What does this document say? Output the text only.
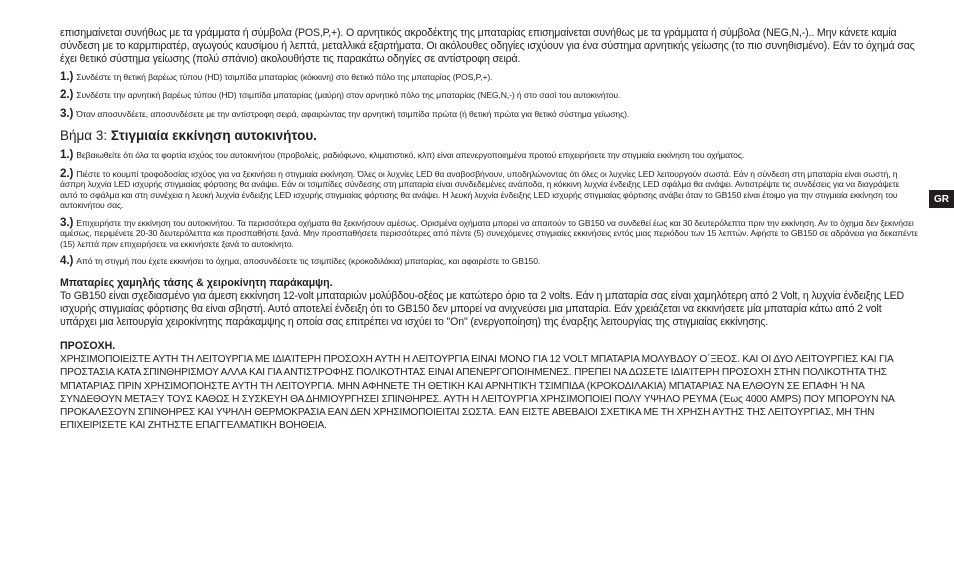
επισημαίνεται συνήθως με τα γράμματα ή σύμβολα (POS,P,+). Ο αρνητικός ακροδέκτης της μπαταρίας επισημαίνεται συνήθως με τα γράμματα ή σύμβολα (NEG,N,-).. Μην κάνετε καμία σύνδεση με το καρμπιρατέρ, αγωγούς καυσίμου ή λεπτά, μεταλλικά εξαρτήματα. Οι ακόλουθες οδηγίες ισχύουν για ένα σύστημα αρνητικής γείωσης (το πιο συνηθισμένο). Εάν το όχημά σας έχει θετικό σύστημα γείωσης (πολύ σπάνιο) ακολουθήστε τις παρακάτω οδηγίες σε αντίστροφη σειρά.

1.) Συνδέστε τη θετική βαρέως τύπου (HD) τσιμπίδα μπαταρίας (κόκκινη) στο θετικό πόλο της μπαταρίας (POS,P,+).

2.) Συνδέστε την αρνητική βαρέως τύπου (HD) τσιμπίδα μπαταρίας (μαύρη) στον αρνητικό πόλο της μπαταρίας (NEG,N,-) ή στο σασί του αυτοκινήτου.

3.) Όταν αποσυνδέετε, αποσυνδέσετε με την αντίστροφη σειρά, αφαιρώντας την αρνητική τσιμπίδα πρώτα (ή θετική πρώτα για θετικό σύστημα γείωσης).

Βήμα 3: Στιγμιαία εκκίνηση αυτοκινήτου.

1.) Βεβαιωθείτε ότι όλα τα φορτία ισχύος του αυτοκινήτου (προβολείς, ραδιόφωνο, κλιματιστικό, κλπ) είναι απενεργοποιημένα προτού επιχειρήσετε την στιγμιαία εκκίνηση του οχήματος.

2.) Πιέστε το κουμπί τροφοδοσίας ισχύος για να ξεκινήσει η στιγμιαία εκκίνηση. Όλες οι λυχνίες LED θα αναβοσβήνουν, υποδηλώνοντας ότι όλες οι λυχνίες LED λειτουργούν σωστά. Εάν η σύνδεση στη μπαταρία είναι σωστή, η άσπρη λυχνία LED ισχυρής στιγμιαίας φόρτισης θα ανάψει. Εάν οι τσιμπίδες σύνδεσης στη μπαταρία είναι συνδεδεμένες ανάποδα, η κόκκινη λυχνία ένδειξης LED σφάλμα θα ανάψει. Αντιστρέψτε τις συνδέσεις για να διαγράψετε αυτό το σφάλμα και στη συνέχεια η λευκή λυχνία ένδειξης LED ισχυρής στιγμιαίας φόρτισης θα ανάψει. Η λευκή λυχνία ένδειξης LED ισχυρής στιγμιαίας φόρτισης ανάβει όταν το GB150 είναι έτοιμο για την στιγμιαία εκκίνηση του αυτοκινήτου σας.

3.) Επιχειρήστε την εκκίνηση του αυτοκινήτου. Τα περισσότερα οχήματα θα ξεκινήσουν αμέσως. Ορισμένα οχήματα μπορεί να απαιτούν το GB150 να συνδεθεί έως και 30 δευτερόλεπτα πριν την εκκίνηση. Αν το όχημα δεν ξεκινήσει αμέσως, περιμένετε 20-30 δευτερόλεπτα και προσπαθήστε ξανά. Μην προσπαθήσετε περισσότερες από πέντε (5) συνεχόμενες στιγμιαίες εκκινήσεις εντός μιας περιόδου των 15 λεπτών. Αφήστε το GB150 σε αδράνεια για δεκαπέντε (15) λεπτά πριν επιχειρήσετε να εκκινήσετε ξανά το αυτοκίνητο.

4.) Από τη στιγμή που έχετε εκκινήσει το όχημα, αποσυνδέσετε τις τσιμπίδες (κροκοδιλάκια) μπαταρίας, και αφαιρέστε το GB150.

Μπαταρίες χαμηλής τάσης & χειροκίνητη παράκαμψη.

Το GB150 είναι σχεδιασμένο για άμεση εκκίνηση 12-volt μπαταριών μολύβδου-οξέος με κατώτερο όριο τα 2 volts. Εάν η μπαταρία σας είναι χαμηλότερη από 2 Volt, η λυχνία ένδειξης LED ισχυρής στιγμιαίας φόρτισης θα είναι σβηστή. Αυτό αποτελεί ένδειξη ότι το GB150 δεν μπορεί να ανιχνεύσει μια μπαταρία. Εάν χρειάζεται να εκκινήσετε μία μπαταρία κάτω από 2 volt υπάρχει μια λειτουργία χειροκίνητης παράκαμψης η οποία σας επιτρέπει να ισχύει το "On" (ενεργοποίηση) της έναρξης λειτουργίας της στιγμιαίας εκκίνησης.

ΠΡΟΣΟΧΗ.

ΧΡΗΣΙΜΟΠΟΙΕΙΣΤΕ ΑΥΤΗ ΤΗ ΛΕΙΤΟΥΡΓΙΑ ΜΕ ΙΔΙΑΊΤΕΡΗ ΠΡΟΣΟΧΗ ΑΥΤΗ Η ΛΕΙΤΟΥΡΓΙΑ ΕΙΝΑΙ ΜΟΝΟ ΓΙΑ 12 VOLT ΜΠΑΤΑΡΙΑ ΜΟΛΥΒΔΟΥ Ο΄ΞΕΟΣ. ΚΑΙ ΟΙ ΔΥΟ ΛΕΙΤΟΥΡΓΙΕΣ ΚΑΙ ΓΙΑ ΠΡΟΣΤΑΣΙΑ ΚΑΤΑ ΣΠΙΝΘΗΡΙΣΜΟΥ ΑΛΛΑ ΚΑΙ ΓΙΑ ΑΝΤΙΣΤΡΟΦΗΣ ΠΟΛΙΚΟΤΗΤΑΣ ΕΙΝΑΙ ΑΠΕΝΕΡΓΟΠΟΙΗΜΕΝΕΣ. ΠΡΕΠΕΙ ΝΑ ΔΩΣΕΤΕ ΙΔΙΑΊΤΕΡΗ ΠΡΟΣΟΧΗ ΣΤΗΝ ΠΟΛΙΚΟΤΗΤΑ ΤΗΣ ΜΠΑΤΑΡΙΑΣ ΠΡΙΝ ΧΡΗΣΙΜΟΠΟΗΣΤΕ ΑΥΤΗ ΤΗ ΛΕΙΤΟΥΡΓΙΑ. ΜΗΝ ΑΦΗΝΕΤΕ ΤΗ ΘΕΤΙΚΗ ΚΑΙ ΑΡΝΗΤΙΚΉ ΤΣΙΜΠΙΔΑ (ΚΡΟΚΟΔΙΛΑΚΙΑ) ΜΠΑΤΑΡΙΑΣ ΝΑ ΕΛΘΟΥΝ ΣΕ ΕΠΑΦΗ Ή ΝΑ ΣΥΝΔΕΘΟΥΝ ΜΕΤΑΞΥ ΤΟΥΣ ΚΑΘΩΣ Η ΣΥΣΚΕΥΗ ΘΑ ΔΗΜΙΟΥΡΓΗΣΕΙ ΣΠΙΝΘΗΡΕΣ. ΑΥΤΗ Η ΛΕΙΤΟΥΡΓΙΑ ΧΡΗΣΙΜΟΠΟΙΕΙ ΠΟΛΥ ΥΨΗΛΟ ΡΕΥΜΑ (Έως 4000 AMPS) ΠΟΥ ΜΠΟΡΟΥΝ ΝΑ ΠΡΟΚΑΛΕΣΟΥΝ ΣΠΙΝΘΗΡΕΣ ΚΑΙ ΥΨΗΛΗ ΘΕΡΜΟΚΡΑΣΙΑ ΕΑΝ ΔΕΝ ΧΡΗΣΙΜΟΠΟΙΕΙΤΑΙ ΣΩΣΤΑ. ΕΑΝ ΕΙΣΤΕ ΑΒΕΒΑΙΟΙ ΣΧΕΤΙΚΑ ΜΕ ΤΗ ΧΡΗΣΗ ΑΥΤΗΣ ΤΗΣ ΛΕΙΤΟΥΡΓΙΑΣ, ΜΗ ΤΗΝ ΕΠΙΧΕΙΡΙΣΕΤΕ ΚΑΙ ΖΗΤΗΣΤΕ ΕΠΑΓΓΕΛΜΑΤΙΚΗ ΒΟΗΘΕΙΑ.

GR
